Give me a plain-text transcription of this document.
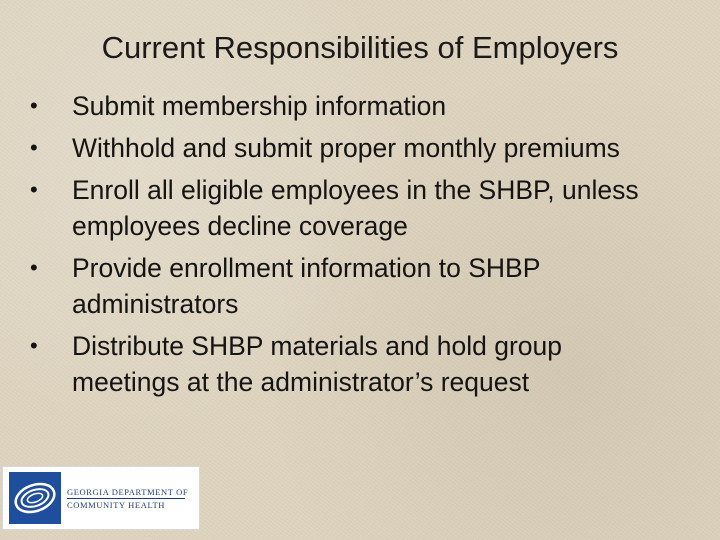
Current Responsibilities of Employers
• Submit membership information
• Withhold and submit proper monthly premiums
• Enroll all eligible employees in the SHBP, unless employees decline coverage
• Provide enrollment information to SHBP administrators
• Distribute SHBP materials and hold group meetings at the administrator’s request
GEORGIA DEPARTMENT OF
COMMUNITY HEALTH
